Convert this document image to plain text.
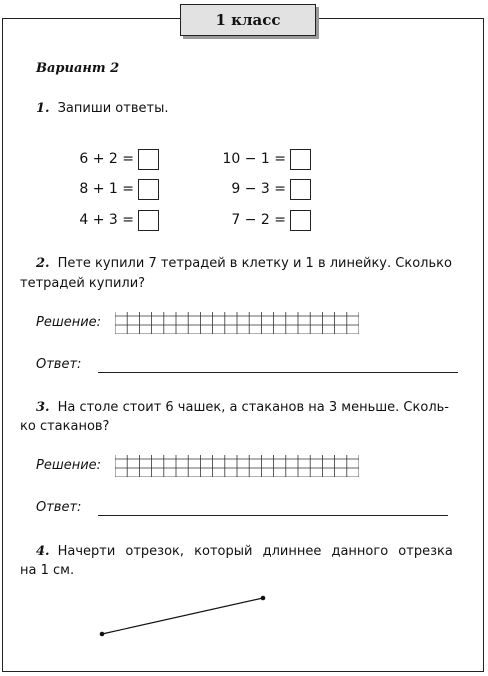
1 класс
Вариант 2
1. Запиши ответы.
6 + 2 =
8 + 1 =
4 + 3 =
10 − 1 =
9 − 3 =
7 − 2 =
2. Пете купили 7 тетрадей в клетку и 1 в линейку. Сколько
тетрадей купили?
Решение:
Ответ:
3. На столе стоит 6 чашек, а стаканов на 3 меньше. Сколь-
ко стаканов?
Решение:
Ответ:
4. Начерти отрезок, который длиннее данного отрезка
на 1 см.
